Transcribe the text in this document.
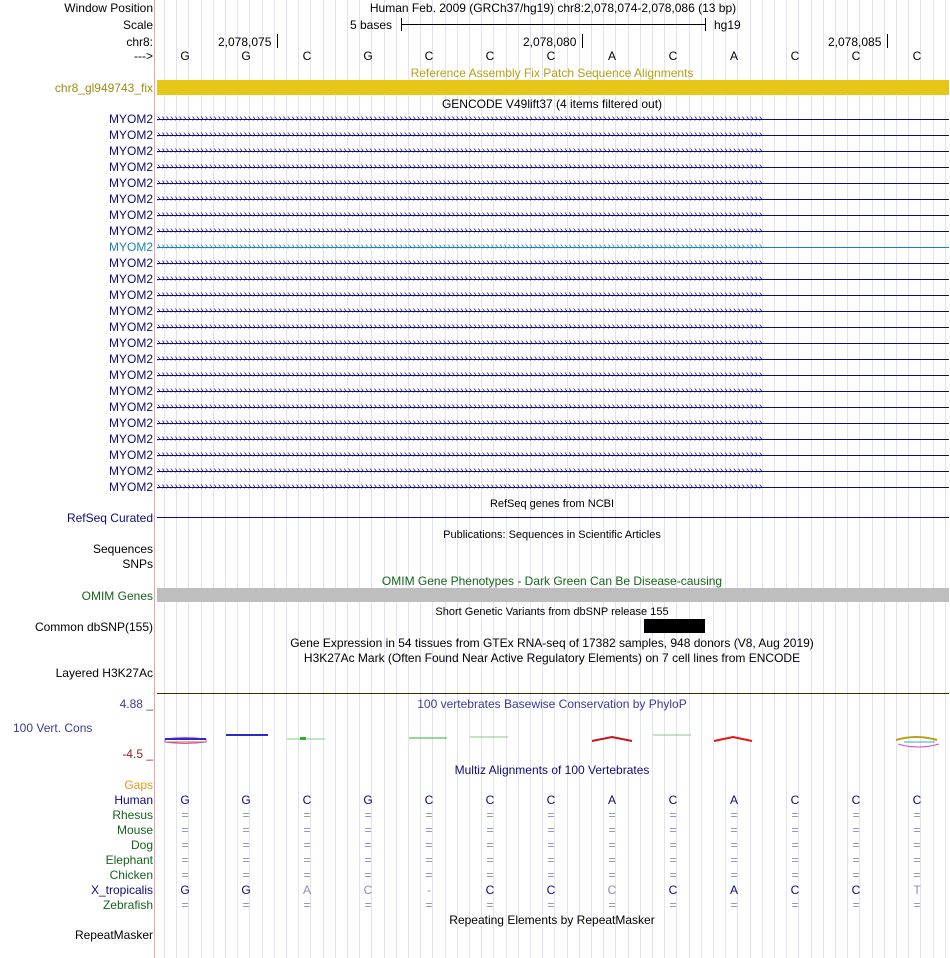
Window Position	Human Feb. 2009 (GRCh37/hg19) chr8:2,078,074-2,078,086 (13 bp)
Scale	5 bases	hg19
chr8:	2,078,075	2,078,080	2,078,085
--->	G	G	C	G	C	C	C	A	C	A	C	C	C
Reference Assembly Fix Patch Sequence Alignments
chr8_gl949743_fix
GENCODE V49lift37 (4 items filtered out)
MYOM2 ››››››››››››››››››››››››››››››››››››››››››››››››››››››››››››››››››››››››››››››››››››››››››››››››››››››››››››››››››››››››››››››››››››››››››››
MYOM2 ››››››››››››››››››››››››››››››››››››››››››››››››››››››››››››››››››››››››››››››››››››››››››››››››››››››››››››››››››››››››››››››››››››››››››››
MYOM2 ››››››››››››››››››››››››››››››››››››››››››››››››››››››››››››››››››››››››››››››››››››››››››››››››››››››››››››››››››››››››››››››››››››››››››››
MYOM2 ››››››››››››››››››››››››››››››››››››››››››››››››››››››››››››››››››››››››››››››››››››››››››››››››››››››››››››››››››››››››››››››››››››››››››››
MYOM2 ››››››››››››››››››››››››››››››››››››››››››››››››››››››››››››››››››››››››››››››››››››››››››››››››››››››››››››››››››››››››››››››››››››››››››››
MYOM2 ››››››››››››››››››››››››››››››››››››››››››››››››››››››››››››››››››››››››››››››››››››››››››››››››››››››››››››››››››››››››››››››››››››››››››››
MYOM2 ››››››››››››››››››››››››››››››››››››››››››››››››››››››››››››››››››››››››››››››››››››››››››››››››››››››››››››››››››››››››››››››››››››››››››››
MYOM2 ››››››››››››››››››››››››››››››››››››››››››››››››››››››››››››››››››››››››››››››››››››››››››››››››››››››››››››››››››››››››››››››››››››››››››››
MYOM2 ››››››››››››››››››››››››››››››››››››››››››››››››››››››››››››››››››››››››››››››››››››››››››››››››››››››››››››››››››››››››››››››››››››››››››››
MYOM2 ››››››››››››››››››››››››››››››››››››››››››››››››››››››››››››››››››››››››››››››››››››››››››››››››››››››››››››››››››››››››››››››››››››››››››››
MYOM2 ››››››››››››››››››››››››››››››››››››››››››››››››››››››››››››››››››››››››››››››››››››››››››››››››››››››››››››››››››››››››››››››››››››››››››››
MYOM2 ››››››››››››››››››››››››››››››››››››››››››››››››››››››››››››››››››››››››››››››››››››››››››››››››››››››››››››››››››››››››››››››››››››››››››››
MYOM2 ››››››››››››››››››››››››››››››››››››››››››››››››››››››››››››››››››››››››››››››››››››››››››››››››››››››››››››››››››››››››››››››››››››››››››››
MYOM2 ››››››››››››››››››››››››››››››››››››››››››››››››››››››››››››››››››››››››››››››››››››››››››››››››››››››››››››››››››››››››››››››››››››››››››››
MYOM2 ››››››››››››››››››››››››››››››››››››››››››››››››››››››››››››››››››››››››››››››››››››››››››››››››››››››››››››››››››››››››››››››››››››››››››››
MYOM2 ››››››››››››››››››››››››››››››››››››››››››››››››››››››››››››››››››››››››››››››››››››››››››››››››››››››››››››››››››››››››››››››››››››››››››››
MYOM2 ››››››››››››››››››››››››››››››››››››››››››››››››››››››››››››››››››››››››››››››››››››››››››››››››››››››››››››››››››››››››››››››››››››››››››››
MYOM2 ››››››››››››››››››››››››››››››››››››››››››››››››››››››››››››››››››››››››››››››››››››››››››››››››››››››››››››››››››››››››››››››››››››››››››››
MYOM2 ››››››››››››››››››››››››››››››››››››››››››››››››››››››››››››››››››››››››››››››››››››››››››››››››››››››››››››››››››››››››››››››››››››››››››››
MYOM2 ››››››››››››››››››››››››››››››››››››››››››››››››››››››››››››››››››››››››››››››››››››››››››››››››››››››››››››››››››››››››››››››››››››››››››››
MYOM2 ››››››››››››››››››››››››››››››››››››››››››››››››››››››››››››››››››››››››››››››››››››››››››››››››››››››››››››››››››››››››››››››››››››››››››››
MYOM2 ››››››››››››››››››››››››››››››››››››››››››››››››››››››››››››››››››››››››››››››››››››››››››››››››››››››››››››››››››››››››››››››››››››››››››››
MYOM2 ››››››››››››››››››››››››››››››››››››››››››››››››››››››››››››››››››››››››››››››››››››››››››››››››››››››››››››››››››››››››››››››››››››››››››››
MYOM2 ››››››››››››››››››››››››››››››››››››››››››››››››››››››››››››››››››››››››››››››››››››››››››››››››››››››››››››››››››››››››››››››››››››››››››››
RefSeq genes from NCBI
RefSeq Curated
Publications: Sequences in Scientific Articles
Sequences
SNPs
OMIM Gene Phenotypes - Dark Green Can Be Disease-causing
OMIM Genes
Short Genetic Variants from dbSNP release 155
Common dbSNP(155)
Gene Expression in 54 tissues from GTEx RNA-seq of 17382 samples, 948 donors (V8, Aug 2019)
H3K27Ac Mark (Often Found Near Active Regulatory Elements) on 7 cell lines from ENCODE
Layered H3K27Ac
100 vertebrates Basewise Conservation by PhyloP
4.88 _
100 Vert. Cons
-4.5 _
Multiz Alignments of 100 Vertebrates
Gaps
Human	G	G	C	G	C	C	C	A	C	A	C	C	C
Rhesus	=	=	=	=	=	=	=	=	=	=	=	=	=
Mouse	=	=	=	=	=	=	=	=	=	=	=	=	=
Dog	=	=	=	=	=	=	=	=	=	=	=	=	=
Elephant	=	=	=	=	=	=	=	=	=	=	=	=	=
Chicken	=	=	=	=	=	=	=	=	=	=	=	=	=
X_tropicalis	G	G	A	C	-	C	C	C	C	A	C	C	T
Zebrafish	=	=	=	=	=	=	=	=	=	=	=	=	=
Repeating Elements by RepeatMasker
RepeatMasker
